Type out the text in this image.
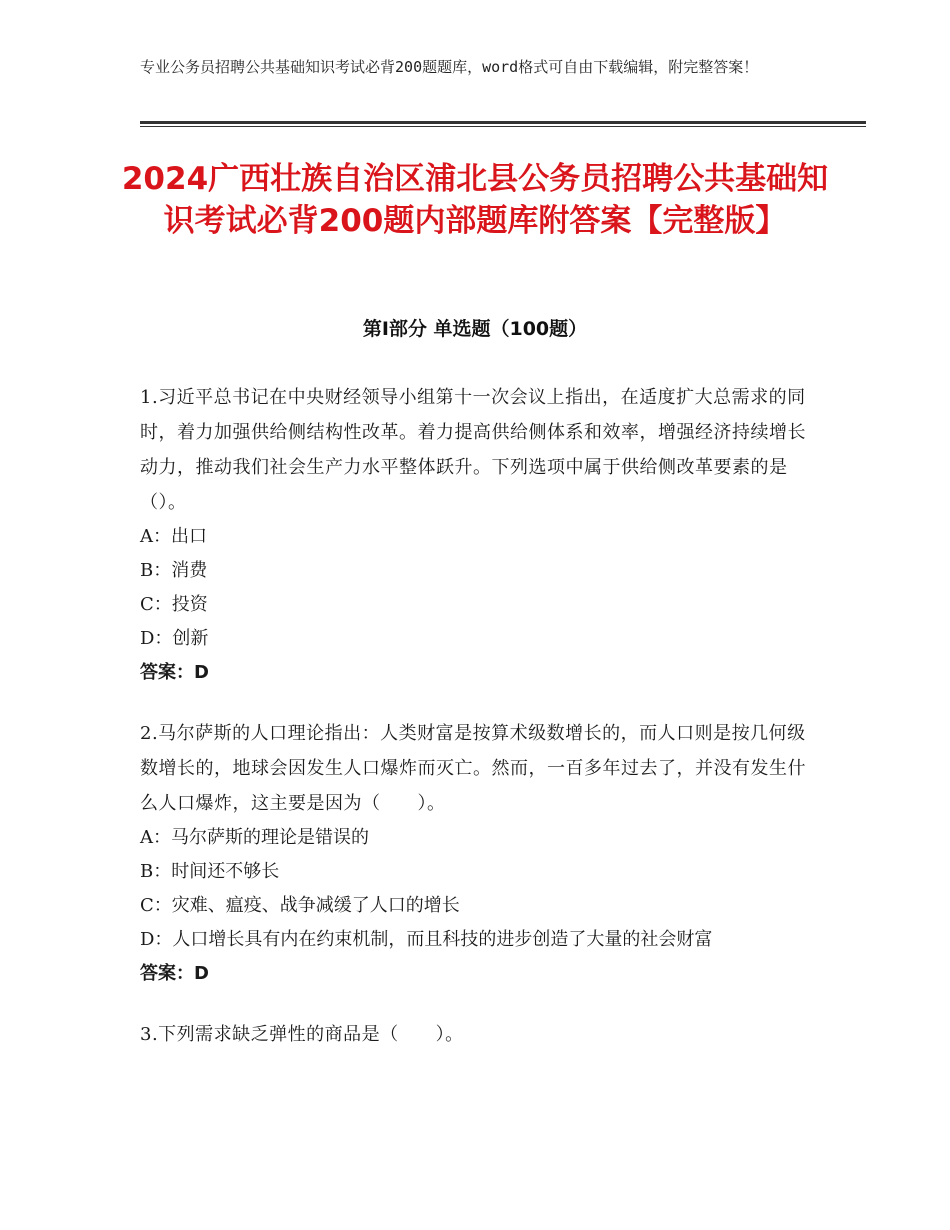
专业公务员招聘公共基础知识考试必背200题题库，word格式可自由下载编辑，附完整答案！
2024广西壮族自治区浦北县公务员招聘公共基础知识考试必背200题内部题库附答案【完整版】
第Ⅰ部分 单选题（100题）
1.习近平总书记在中央财经领导小组第十一次会议上指出，在适度扩大总需求的同时，着力加强供给侧结构性改革。着力提高供给侧体系和效率，增强经济持续增长动力，推动我们社会生产力水平整体跃升。下列选项中属于供给侧改革要素的是（）。
A：出口
B：消费
C：投资
D：创新
答案：D
2.马尔萨斯的人口理论指出：人类财富是按算术级数增长的，而人口则是按几何级数增长的，地球会因发生人口爆炸而灭亡。然而，一百多年过去了，并没有发生什么人口爆炸，这主要是因为（　　）。
A：马尔萨斯的理论是错误的
B：时间还不够长
C：灾难、瘟疫、战争减缓了人口的增长
D：人口增长具有内在约束机制，而且科技的进步创造了大量的社会财富
答案：D
3.下列需求缺乏弹性的商品是（　　）。
